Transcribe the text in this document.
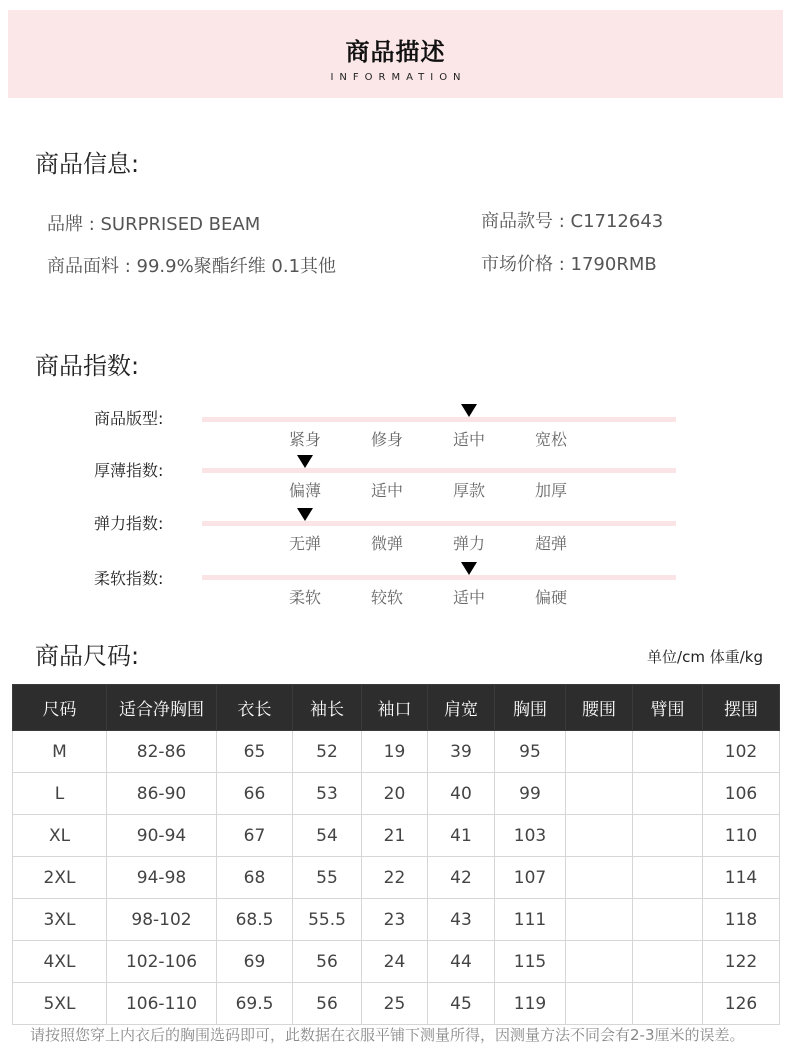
商品描述
INFORMATION
商品信息:
品牌 : SURPRISED BEAM	商品款号 : C1712643
商品面料 : 99.9%聚酯纤维 0.1其他	市场价格 : 1790RMB
商品指数:
商品版型:
紧身	修身	适中	宽松
厚薄指数:
偏薄	适中	厚款	加厚
弹力指数:
无弹	微弹	弹力	超弹
柔软指数:
柔软	较软	适中	偏硬
商品尺码:	单位/cm 体重/kg
尺码	适合净胸围	衣长	袖长	袖口	肩宽	胸围	腰围	臂围	摆围
M	82-86	65	52	19	39	95			102
L	86-90	66	53	20	40	99			106
XL	90-94	67	54	21	41	103			110
2XL	94-98	68	55	22	42	107			114
3XL	98-102	68.5	55.5	23	43	111			118
4XL	102-106	69	56	24	44	115			122
5XL	106-110	69.5	56	25	45	119			126
请按照您穿上内衣后的胸围选码即可，此数据在衣服平铺下测量所得，因测量方法不同会有2-3厘米的误差。
